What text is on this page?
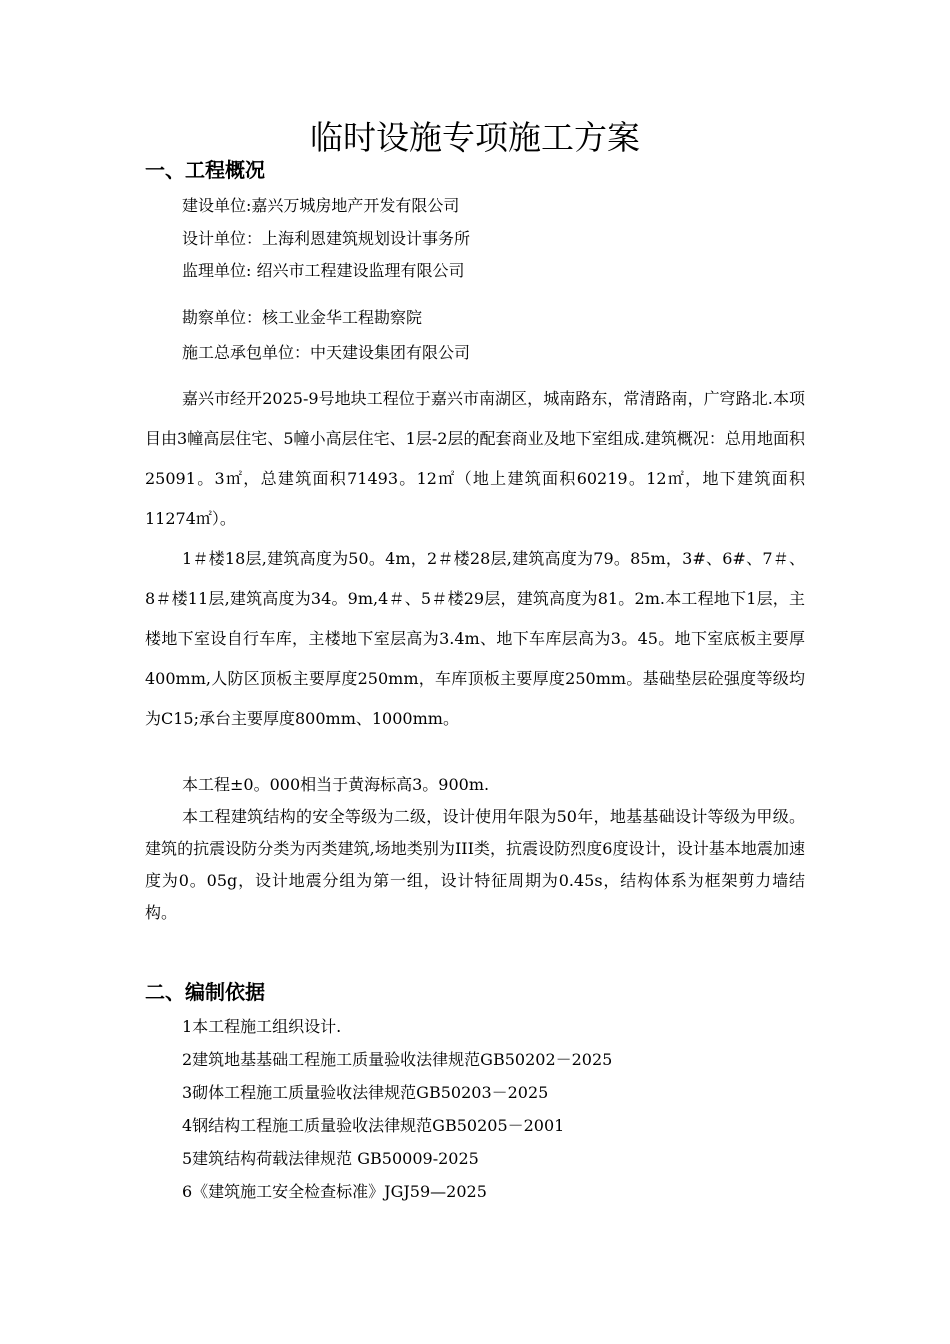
临时设施专项施工方案
一、工程概况
建设单位:嘉兴万城房地产开发有限公司
设计单位：上海利恩建筑规划设计事务所
监理单位: 绍兴市工程建设监理有限公司
勘察单位：核工业金华工程勘察院
施工总承包单位：中天建设集团有限公司
嘉兴市经开2025-9号地块工程位于嘉兴市南湖区，城南路东，常清路南，广穹路北.本项目由3幢高层住宅、5幢小高层住宅、1层-2层的配套商业及地下室组成.建筑概况：总用地面积25091。3㎡，总建筑面积71493。12㎡（地上建筑面积60219。12㎡，地下建筑面积11274㎡）。
1＃楼18层,建筑高度为50。4m，2＃楼28层,建筑高度为79。85m，3#、6#、7＃、8＃楼11层,建筑高度为34。9m,4＃、5＃楼29层，建筑高度为81。2m.本工程地下1层，主楼地下室设自行车库，主楼地下室层高为3.4m、地下车库层高为3。45。地下室底板主要厚400mm,人防区顶板主要厚度250mm，车库顶板主要厚度250mm。基础垫层砼强度等级均为C15;承台主要厚度800mm、1000mm。
本工程±0。000相当于黄海标高3。900m.
本工程建筑结构的安全等级为二级，设计使用年限为50年，地基基础设计等级为甲级。建筑的抗震设防分类为丙类建筑,场地类别为III类，抗震设防烈度6度设计，设计基本地震加速度为0。05g，设计地震分组为第一组，设计特征周期为0.45s，结构体系为框架剪力墙结构。
二、编制依据
1本工程施工组织设计.
2建筑地基基础工程施工质量验收法律规范GB50202－2025
3砌体工程施工质量验收法律规范GB50203－2025
4钢结构工程施工质量验收法律规范GB50205－2001
5建筑结构荷载法律规范 GB50009-2025
6《建筑施工安全检查标准》JGJ59—2025
